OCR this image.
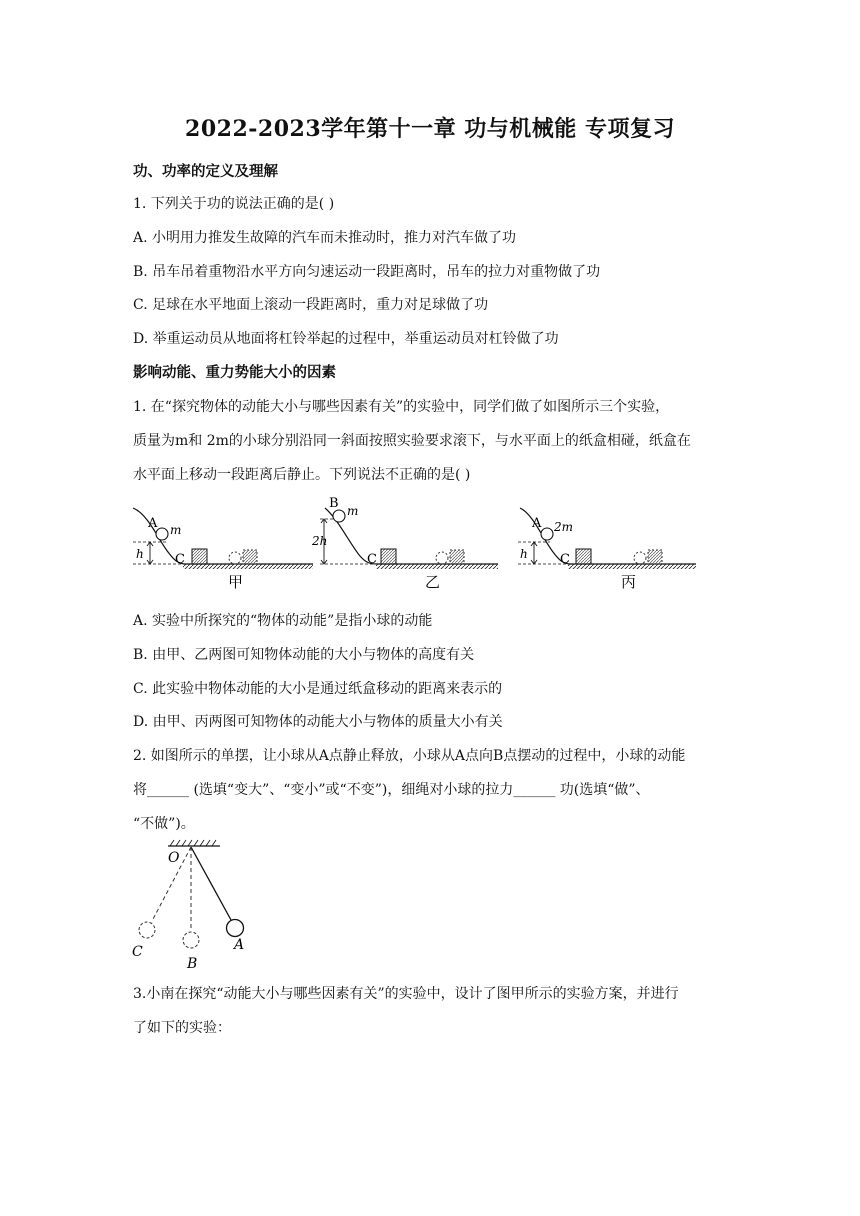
2022-2023学年第十一章 功与机械能 专项复习
功、功率的定义及理解
1. 下列关于功的说法正确的是( )
A. 小明用力推发生故障的汽车而未推动时，推力对汽车做了功
B. 吊车吊着重物沿水平方向匀速运动一段距离时，吊车的拉力对重物做了功
C. 足球在水平地面上滚动一段距离时，重力对足球做了功
D. 举重运动员从地面将杠铃举起的过程中，举重运动员对杠铃做了功
影响动能、重力势能大小的因素
1. 在“探究物体的动能大小与哪些因素有关”的实验中，同学们做了如图所示三个实验，
质量为m和 2m的小球分别沿同一斜面按照实验要求滚下，与水平面上的纸盒相碰，纸盒在
水平面上移动一段距离后静止。下列说法不正确的是( )
A m
h C
甲
B m
2h
C
乙
A 2m
h C
丙
A. 实验中所探究的“物体的动能”是指小球的动能
B. 由甲、乙两图可知物体动能的大小与物体的高度有关
C. 此实验中物体动能的大小是通过纸盒移动的距离来表示的
D. 由甲、丙两图可知物体的动能大小与物体的质量大小有关
2. 如图所示的单摆，让小球从A点静止释放，小球从A点向B点摆动的过程中，小球的动能
将______ (选填“变大”、“变小”或“不变”)，细绳对小球的拉力______ 功(选填“做”、
“不做”)。
O
C
B
A
3.小南在探究“动能大小与哪些因素有关”的实验中，设计了图甲所示的实验方案，并进行
了如下的实验：
